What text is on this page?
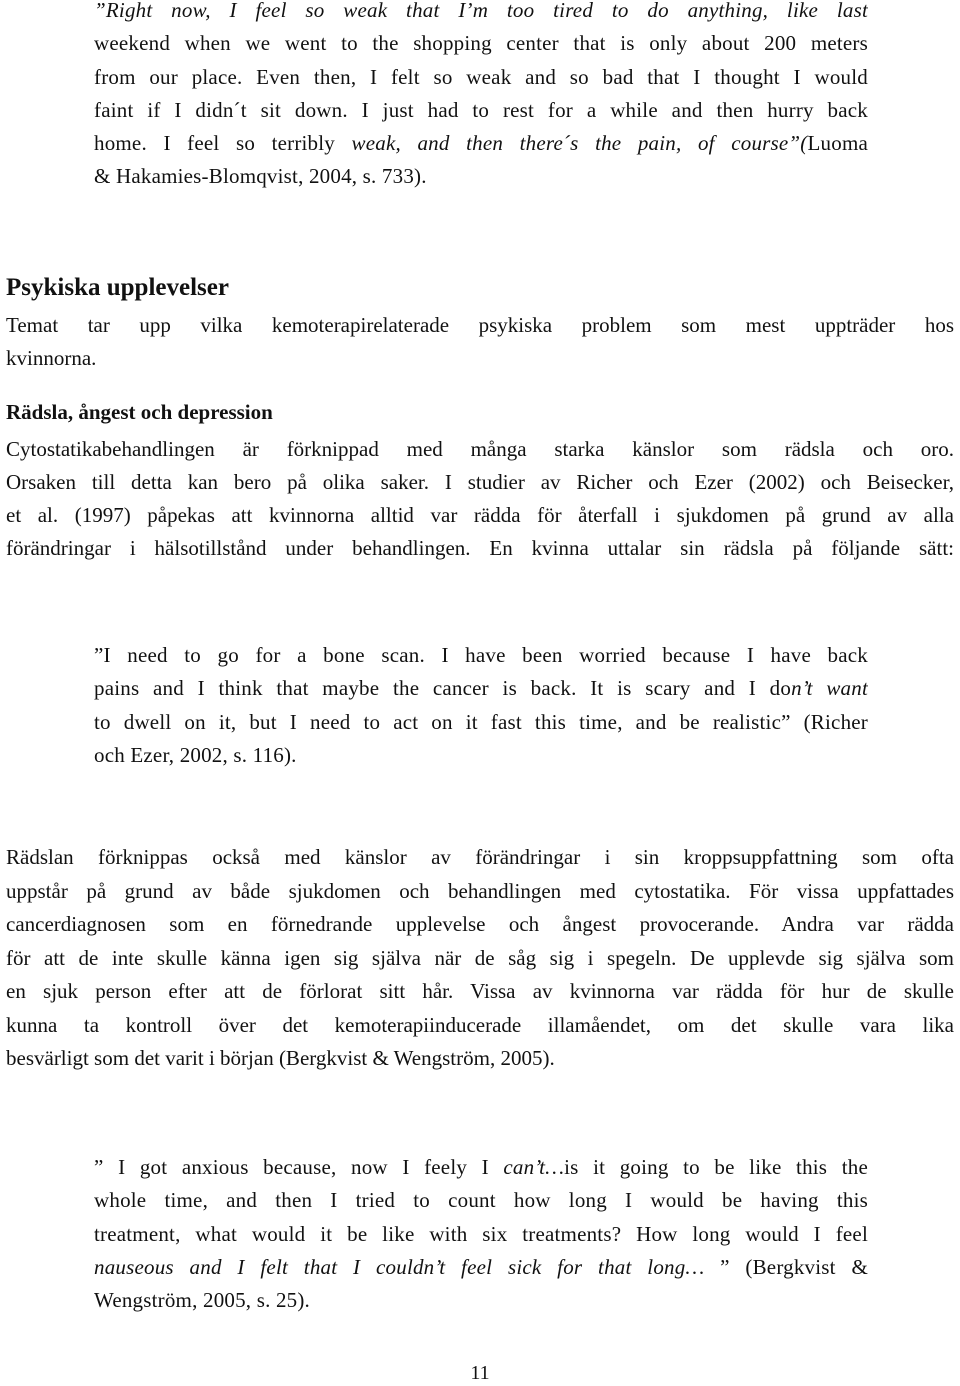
”Right now, I feel so weak that I’m too tired to do anything, like last
weekend when we went to the shopping center that is only about 200 meters
from our place. Even then, I felt so weak and so bad that I thought I would
faint if I didn´t sit down. I just had to rest for a while and then hurry back
home. I feel so terribly weak, and then there´s the pain, of course”(Luoma
& Hakamies-Blomqvist, 2004, s. 733).
Psykiska upplevelser
Temat tar upp vilka kemoterapirelaterade psykiska problem som mest uppträder hos
kvinnorna.
Rädsla, ångest och depression
Cytostatikabehandlingen är förknippad med många starka känslor som rädsla och oro.
Orsaken till detta kan bero på olika saker. I studier av Richer och Ezer (2002) och Beisecker,
et al. (1997) påpekas att kvinnorna alltid var rädda för återfall i sjukdomen på grund av alla
förändringar i hälsotillstånd under behandlingen. En kvinna uttalar sin rädsla på följande sätt:
”I need to go for a bone scan. I have been worried because I have back
pains and I think that maybe the cancer is back. It is scary and I don’t want
to dwell on it, but I need to act on it fast this time, and be realistic” (Richer
och Ezer, 2002, s. 116).
Rädslan förknippas också med känslor av förändringar i sin kroppsuppfattning som ofta
uppstår på grund av både sjukdomen och behandlingen med cytostatika. För vissa uppfattades
cancerdiagnosen som en förnedrande upplevelse och ångest provocerande. Andra var rädda
för att de inte skulle känna igen sig själva när de såg sig i spegeln. De upplevde sig själva som
en sjuk person efter att de förlorat sitt hår. Vissa av kvinnorna var rädda för hur de skulle
kunna ta kontroll över det kemoterapiinducerade illamåendet, om det skulle vara lika
besvärligt som det varit i början (Bergkvist & Wengström, 2005).
” I got anxious because, now I feely I can’t…is it going to be like this the
whole time, and then I tried to count how long I would be having this
treatment, what would it be like with six treatments? How long would I feel
nauseous and I felt that I couldn’t feel sick for that long… ” (Bergkvist &
Wengström, 2005, s. 25).
11
